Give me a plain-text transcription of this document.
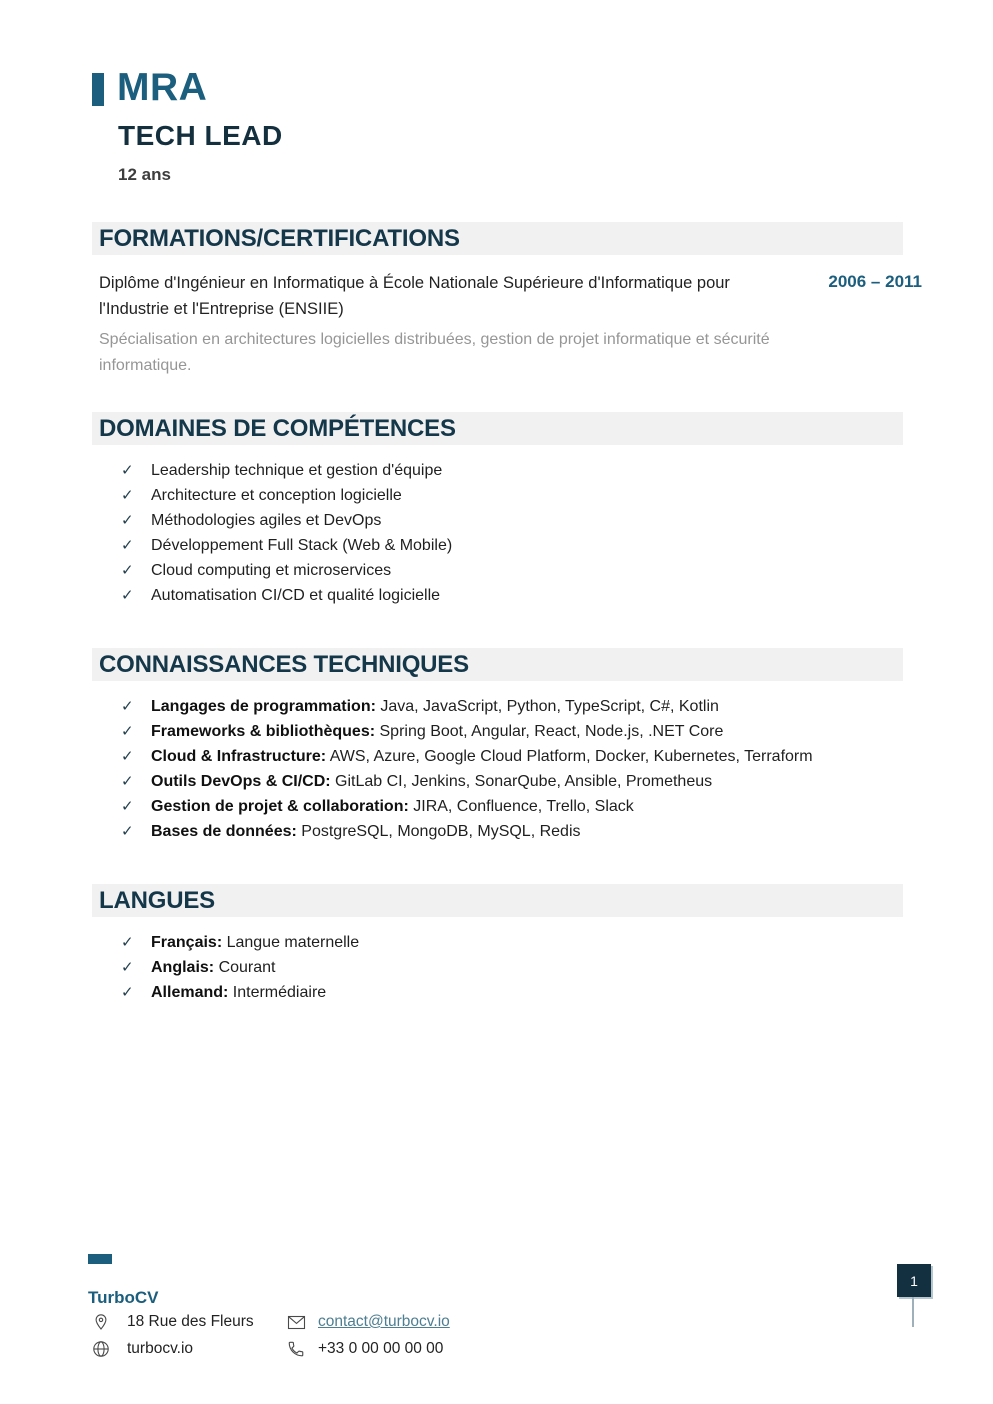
MRA
TECH LEAD
12 ans
FORMATIONS/CERTIFICATIONS
Diplôme d'Ingénieur en Informatique à École Nationale Supérieure d'Informatique pour l'Industrie et l'Entreprise (ENSIIE)
2006 – 2011
Spécialisation en architectures logicielles distribuées, gestion de projet informatique et sécurité informatique.
DOMAINES DE COMPÉTENCES
✓ Leadership technique et gestion d'équipe
✓ Architecture et conception logicielle
✓ Méthodologies agiles et DevOps
✓ Développement Full Stack (Web & Mobile)
✓ Cloud computing et microservices
✓ Automatisation CI/CD et qualité logicielle
CONNAISSANCES TECHNIQUES
✓ Langages de programmation: Java, JavaScript, Python, TypeScript, C#, Kotlin
✓ Frameworks & bibliothèques: Spring Boot, Angular, React, Node.js, .NET Core
✓ Cloud & Infrastructure: AWS, Azure, Google Cloud Platform, Docker, Kubernetes, Terraform
✓ Outils DevOps & CI/CD: GitLab CI, Jenkins, SonarQube, Ansible, Prometheus
✓ Gestion de projet & collaboration: JIRA, Confluence, Trello, Slack
✓ Bases de données: PostgreSQL, MongoDB, MySQL, Redis
LANGUES
✓ Français: Langue maternelle
✓ Anglais: Courant
✓ Allemand: Intermédiaire
TurboCV
18 Rue des Fleurs	contact@turbocv.io
turbocv.io	+33 0 00 00 00 00
1
